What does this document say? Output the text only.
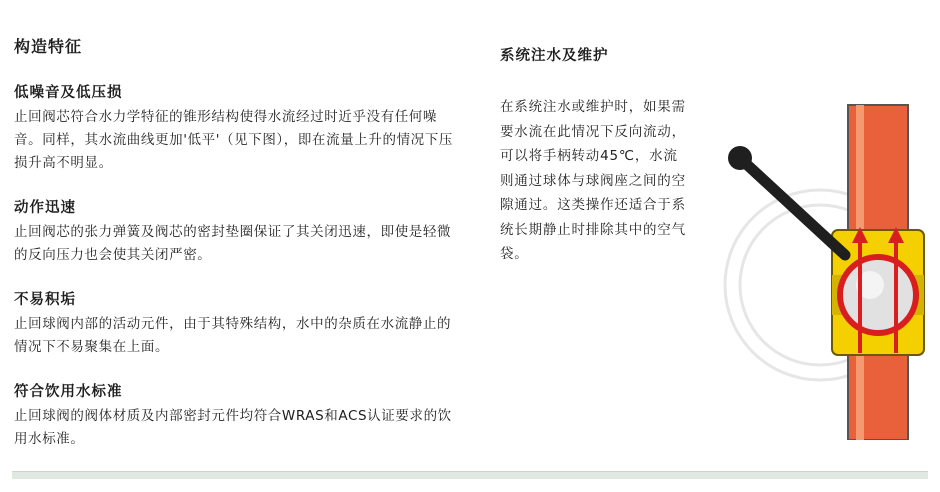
构造特征
低噪音及低压损

止回阀芯符合水力学特征的锥形结构使得水流经过时近乎没有任何噪音。同样，其水流曲线更加'低平'（见下图），即在流量上升的情况下压损升高不明显。

动作迅速

止回阀芯的张力弹簧及阀芯的密封垫圈保证了其关闭迅速，即使是轻微的反向压力也会使其关闭严密。

不易积垢

止回球阀内部的活动元件，由于其特殊结构，水中的杂质在水流静止的情况下不易聚集在上面。

符合饮用水标准

止回球阀的阀体材质及内部密封元件均符合WRAS和ACS认证要求的饮用水标准。

系统注水及维护

在系统注水或维护时，如果需要水流在此情况下反向流动，可以将手柄转动45℃，水流则通过球体与球阀座之间的空隙通过。这类操作还适合于系统长期静止时排除其中的空气袋。
